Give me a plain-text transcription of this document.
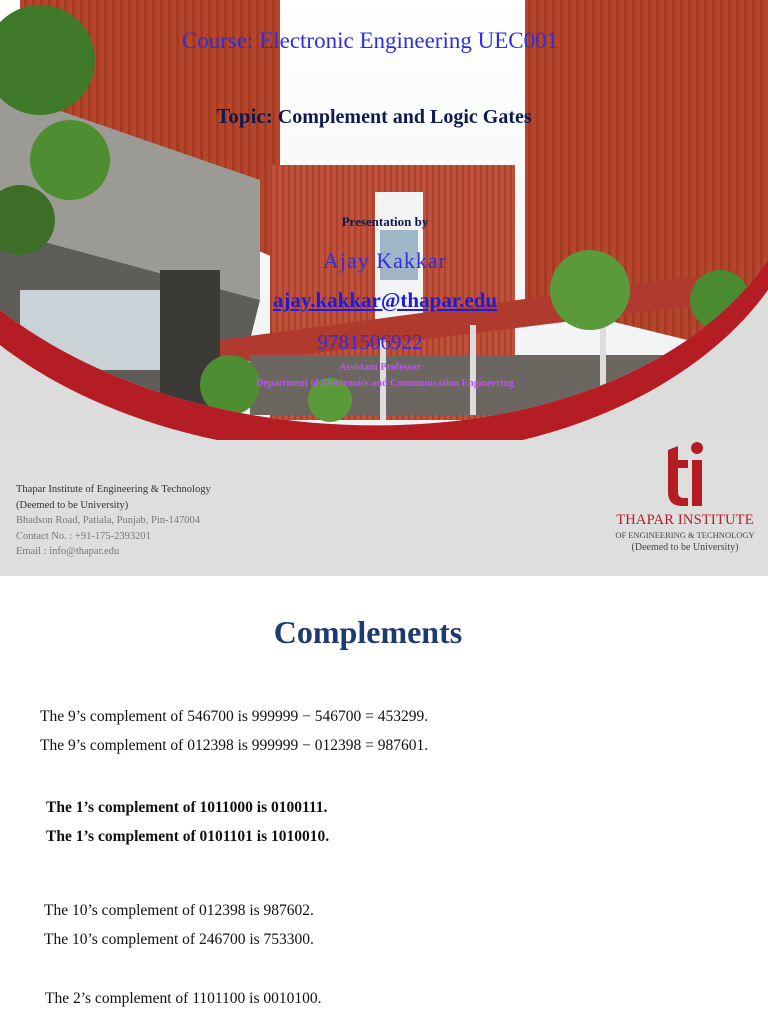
Course: Electronic Engineering UEC001
Topic: Complement and Logic Gates
Presentation by
Ajay Kakkar
ajay.kakkar@thapar.edu
9781506922
Assistant Professor
Department of Electronics and Communication Engineering
Thapar Institute of Engineering & Technology
(Deemed to be University)
Bhadson Road, Patiala, Punjab, Pin-147004
Contact No. : +91-175-2393201
Email : info@thapar.edu
THAPAR INSTITUTE
OF ENGINEERING & TECHNOLOGY
(Deemed to be University)
Complements
The 9’s complement of 546700 is 999999 − 546700 = 453299.
The 9’s complement of 012398 is 999999 − 012398 = 987601.
The 1’s complement of 1011000 is 0100111.
The 1’s complement of 0101101 is 1010010.
The 10’s complement of 012398 is 987602.
The 10’s complement of 246700 is 753300.
The 2’s complement of 1101100 is 0010100.
